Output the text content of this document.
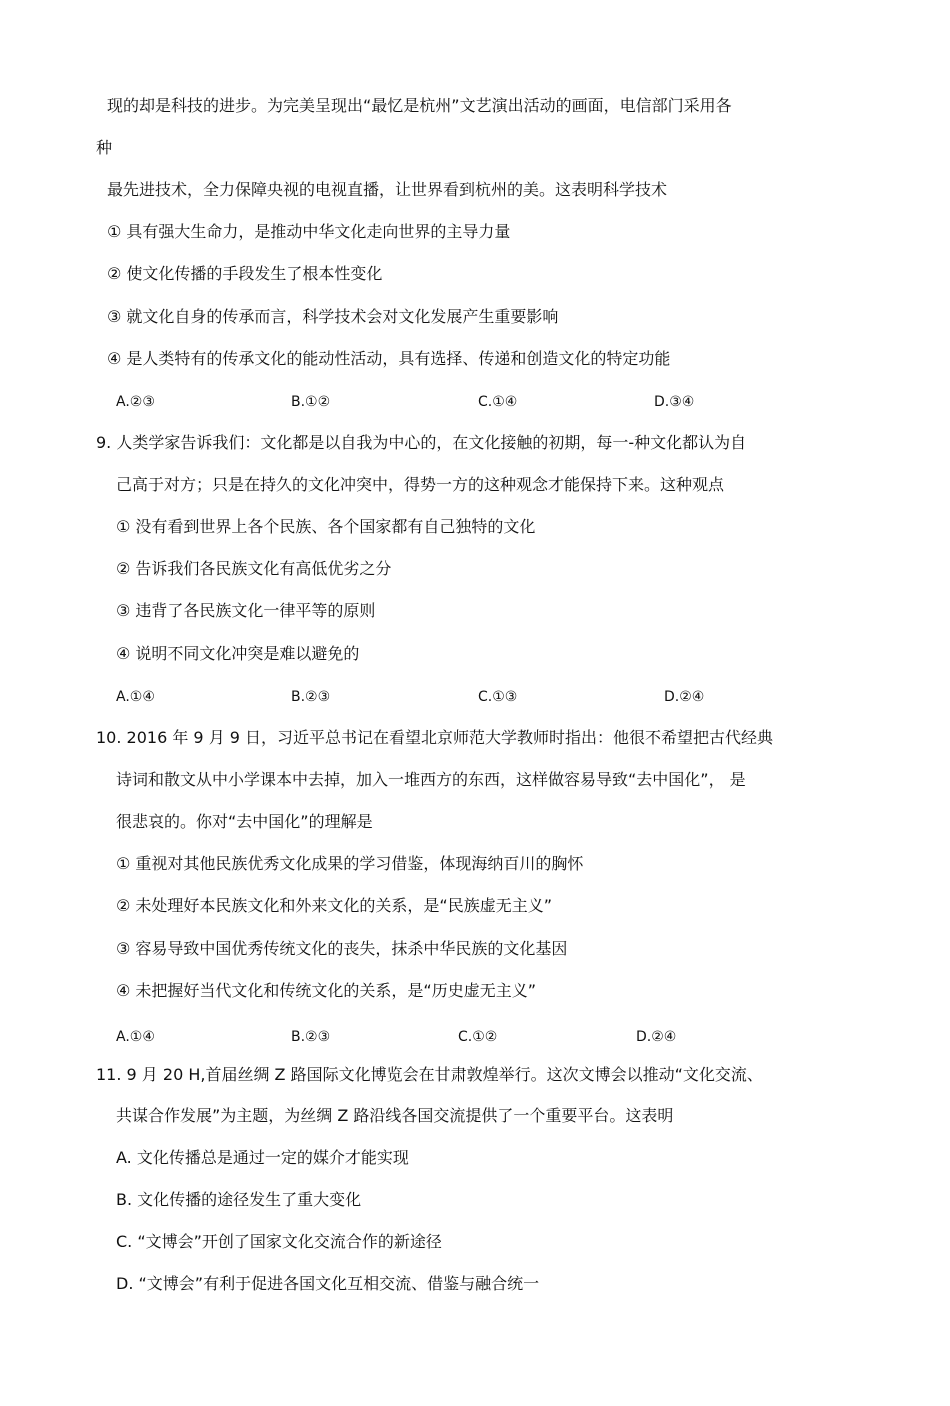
现的却是科技的进步。为完美呈现出“最忆是杭州”文艺演出活动的画面，电信部门采用各
种
最先进技术，全力保障央视的电视直播，让世界看到杭州的美。这表明科学技术
① 具有强大生命力，是推动中华文化走向世界的主导力量
② 使文化传播的手段发生了根本性变化
③ 就文化自身的传承而言，科学技术会对文化发展产生重要影响
④ 是人类特有的传承文化的能动性活动，具有选择、传递和创造文化的特定功能
A.②③	B.①②	C.①④	D.③④
9. 人类学家告诉我们：文化都是以自我为中心的，在文化接触的初期，每一-种文化都认为自
己高于对方；只是在持久的文化冲突中，得势一方的这种观念才能保持下来。这种观点
① 没有看到世界上各个民族、各个国家都有自己独特的文化
② 告诉我们各民族文化有高低优劣之分
③ 违背了各民族文化一律平等的原则
④ 说明不同文化冲突是难以避免的
A.①④	B.②③	C.①③	D.②④
10. 2016 年 9 月 9 日，习近平总书记在看望北京师范大学教师时指出：他很不希望把古代经典
诗词和散文从中小学课本中去掉，加入一堆西方的东西，这样做容易导致“去中国化”， 是
很悲哀的。你对“去中国化”的理解是
① 重视对其他民族优秀文化成果的学习借鉴，体现海纳百川的胸怀
② 未处理好本民族文化和外来文化的关系，是“民族虚无主义”
③ 容易导致中国优秀传统文化的丧失，抹杀中华民族的文化基因
④ 未把握好当代文化和传统文化的关系，是“历史虚无主义”
A.①④	B.②③	C.①②	D.②④
11. 9 月 20 H,首届丝绸 Z 路国际文化博览会在甘肃敦煌举行。这次文博会以推动“文化交流、
共谋合作发展”为主题，为丝绸 Z 路沿线各国交流提供了一个重要平台。这表明
A. 文化传播总是通过一定的媒介才能实现
B. 文化传播的途径发生了重大变化
C. “文博会”开创了国家文化交流合作的新途径
D. “文博会”有利于促进各国文化互相交流、借鉴与融合统一
